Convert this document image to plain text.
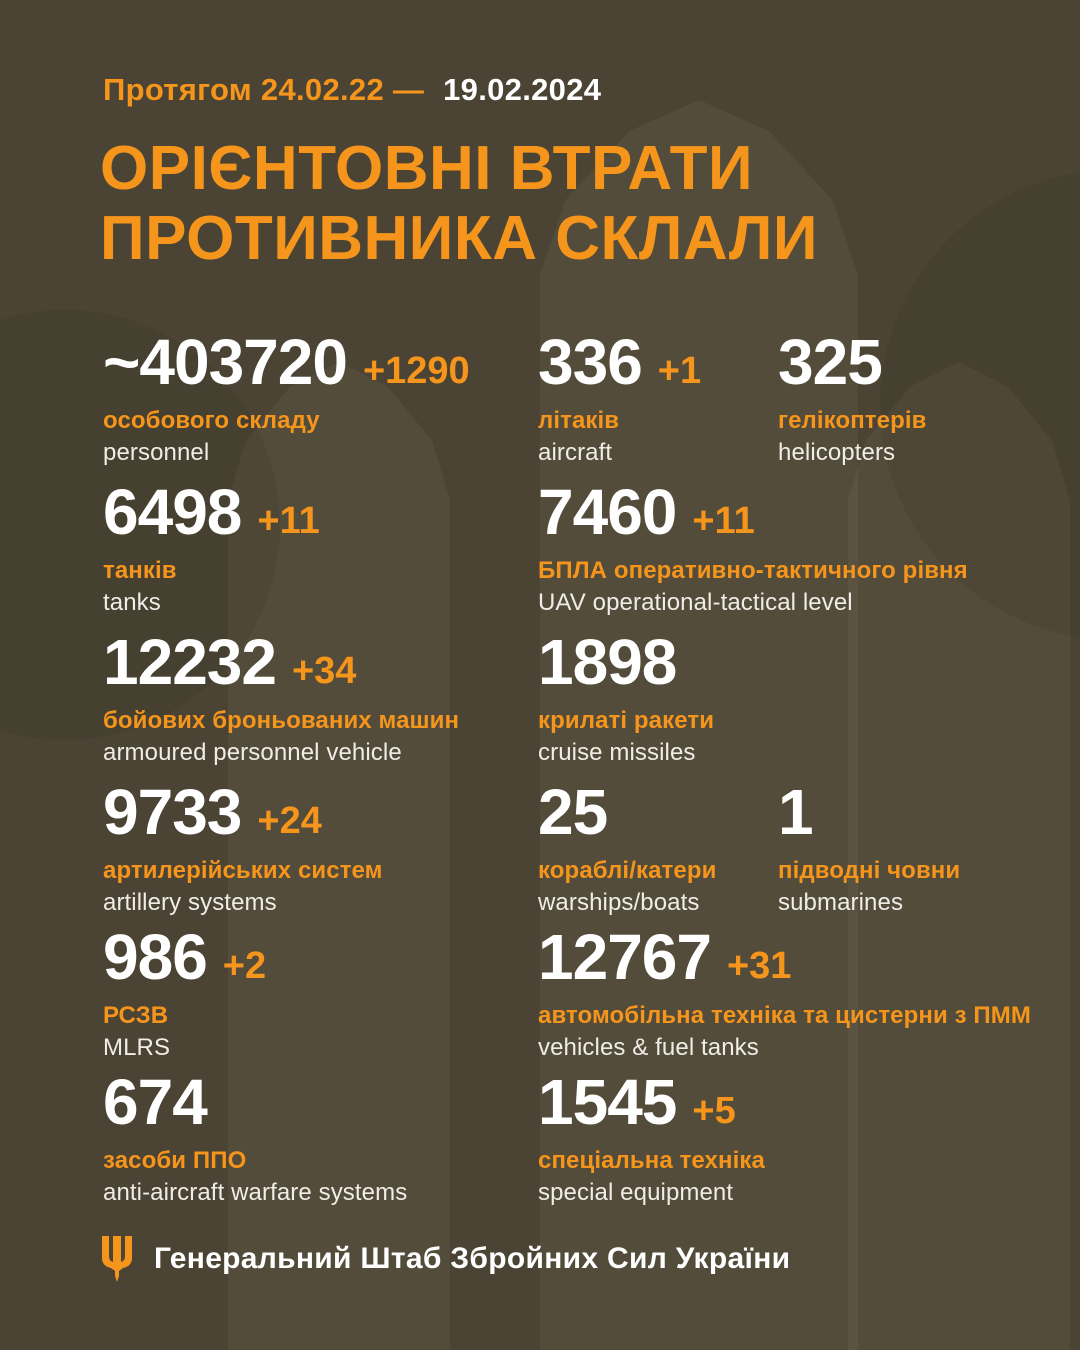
Протягом 24.02.22 — 19.02.2024
ОРІЄНТОВНІ ВТРАТИ
ПРОТИВНИКА СКЛАЛИ
~403720 +1290
особового складу
personnel
336 +1
літаків
aircraft
325
гелікоптерів
helicopters
6498 +11
танків
tanks
7460 +11
БПЛА оперативно-тактичного рівня
UAV operational-tactical level
12232 +34
бойових броньованих машин
armoured personnel vehicle
1898
крилаті ракети
cruise missiles
9733 +24
артилерійських систем
artillery systems
25
кораблі/катери
warships/boats
1
підводні човни
submarines
986 +2
РСЗВ
MLRS
12767 +31
автомобільна техніка та цистерни з ПММ
vehicles & fuel tanks
674
засоби ППО
anti-aircraft warfare systems
1545 +5
спеціальна техніка
special equipment
Генеральний Штаб Збройних Сил України
